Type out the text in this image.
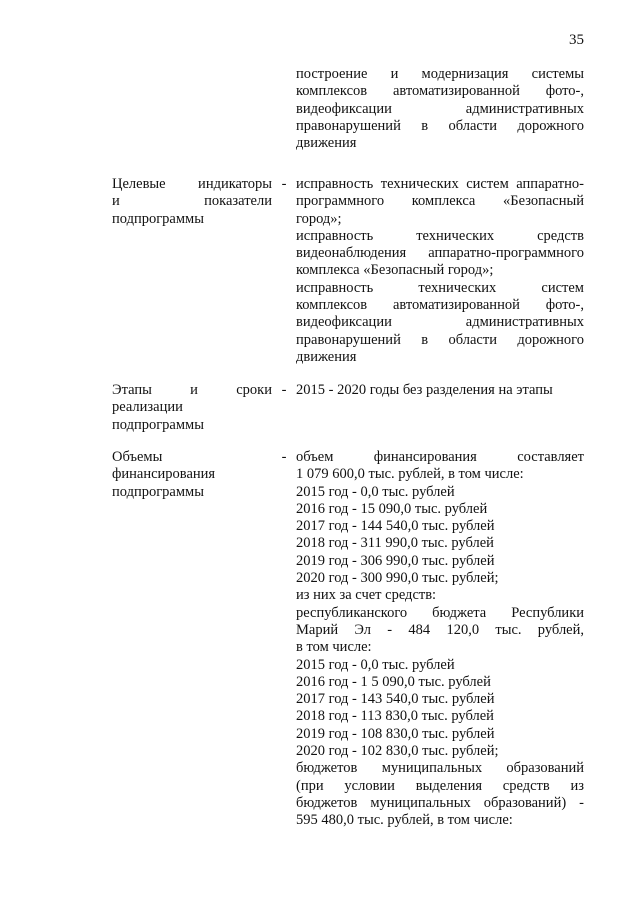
35
построение и модернизация системы
комплексов автоматизированной фото-,
видеофиксации административных
правонарушений в области дорожного
движения
Целевые индикаторы
и показатели
подпрограммы
- исправность технических систем аппаратно-
программного комплекса «Безопасный
город»;
исправность технических средств
видеонаблюдения аппаратно-программного
комплекса «Безопасный город»;
исправность технических систем
комплексов автоматизированной фото-,
видеофиксации административных
правонарушений в области дорожного
движения
Этапы и сроки
реализации
подпрограммы
- 2015 - 2020 годы без разделения на этапы
Объемы
финансирования
подпрограммы
- объем финансирования составляет
1 079 600,0 тыс. рублей, в том числе:
2015 год - 0,0 тыс. рублей
2016 год - 15 090,0 тыс. рублей
2017 год - 144 540,0 тыс. рублей
2018 год - 311 990,0 тыс. рублей
2019 год - 306 990,0 тыс. рублей
2020 год - 300 990,0 тыс. рублей;
из них за счет средств:
республиканского бюджета Республики
Марий Эл - 484 120,0 тыс. рублей,
в том числе:
2015 год - 0,0 тыс. рублей
2016 год - 1 5 090,0 тыс. рублей
2017 год - 143 540,0 тыс. рублей
2018 год - 113 830,0 тыс. рублей
2019 год - 108 830,0 тыс. рублей
2020 год - 102 830,0 тыс. рублей;
бюджетов муниципальных образований
(при условии выделения средств из
бюджетов муниципальных образований) -
595 480,0 тыс. рублей, в том числе:
